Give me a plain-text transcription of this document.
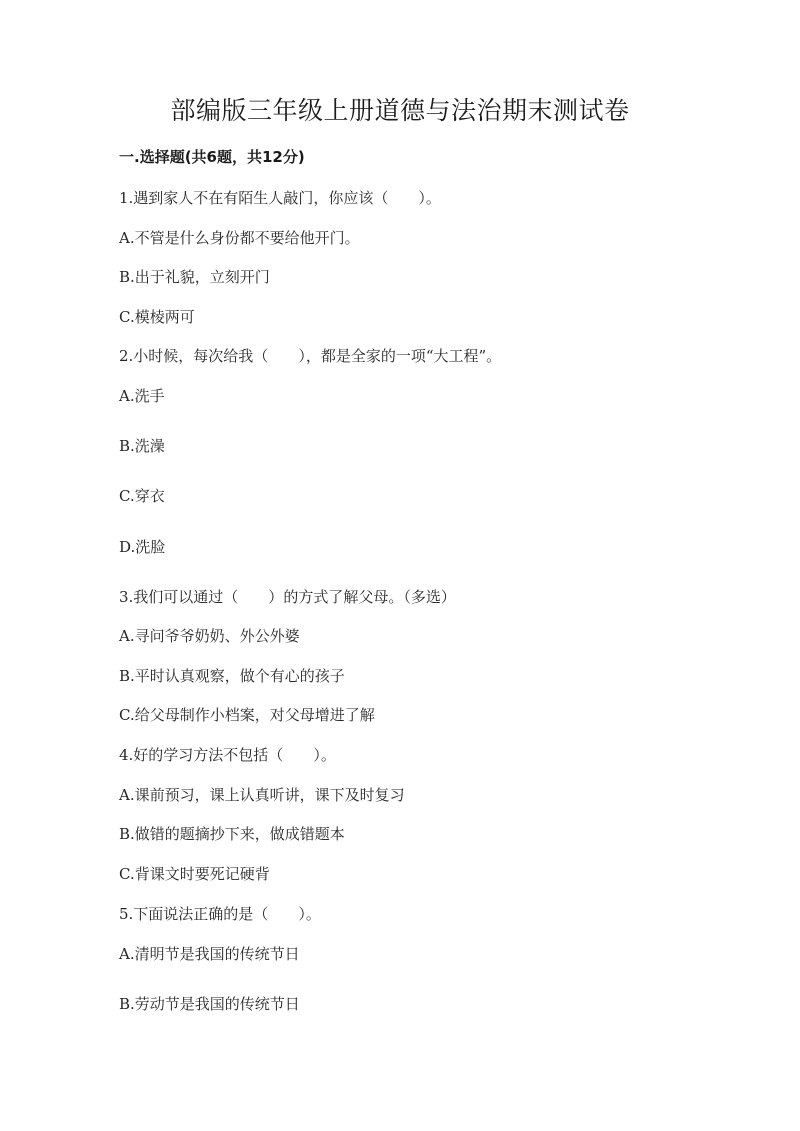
部编版三年级上册道德与法治期末测试卷
一.选择题(共6题，共12分)
1.遇到家人不在有陌生人敲门，你应该（　　）。
A.不管是什么身份都不要给他开门。
B.出于礼貌，立刻开门
C.模棱两可
2.小时候，每次给我（　　），都是全家的一项“大工程”。
A.洗手
B.洗澡
C.穿衣
D.洗脸
3.我们可以通过（　　）的方式了解父母。（多选）
A.寻问爷爷奶奶、外公外婆
B.平时认真观察，做个有心的孩子
C.给父母制作小档案，对父母增进了解
4.好的学习方法不包括（　　）。
A.课前预习，课上认真听讲，课下及时复习
B.做错的题摘抄下来，做成错题本
C.背课文时要死记硬背
5.下面说法正确的是（　　）。
A.清明节是我国的传统节日
B.劳动节是我国的传统节日
